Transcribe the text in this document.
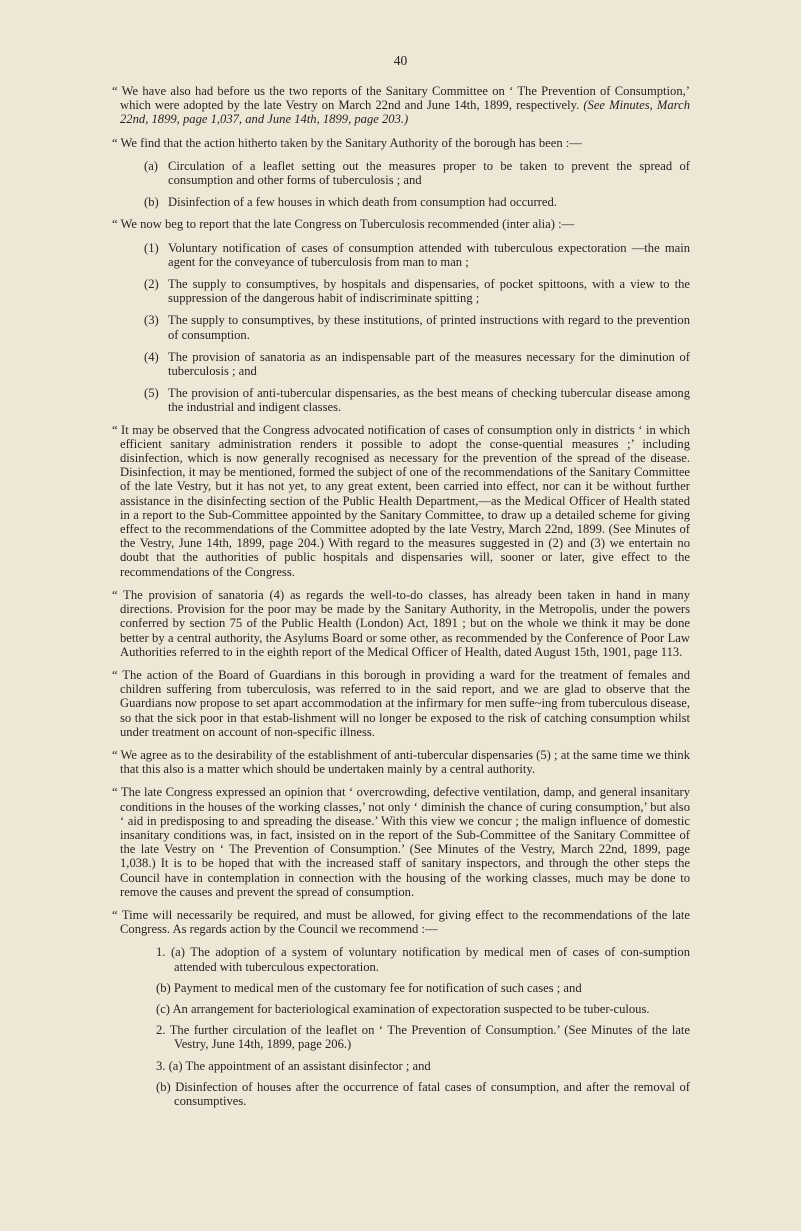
40

“ We have also had before us the two reports of the Sanitary Committee on ‘ The Prevention of Consumption,’ which were adopted by the late Vestry on March 22nd and June 14th, 1899, respectively. (See Minutes, March 22nd, 1899, page 1,037, and June 14th, 1899, page 203.)

“ We find that the action hitherto taken by the Sanitary Authority of the borough has been :—

(a) Circulation of a leaflet setting out the measures proper to be taken to prevent the spread of consumption and other forms of tuberculosis ; and
(b) Disinfection of a few houses in which death from consumption had occurred.

“ We now beg to report that the late Congress on Tuberculosis recommended (inter alia) :—

(1) Voluntary notification of cases of consumption attended with tuberculous expectoration —the main agent for the conveyance of tuberculosis from man to man ;
(2) The supply to consumptives, by hospitals and dispensaries, of pocket spittoons, with a view to the suppression of the dangerous habit of indiscriminate spitting ;
(3) The supply to consumptives, by these institutions, of printed instructions with regard to the prevention of consumption.
(4) The provision of sanatoria as an indispensable part of the measures necessary for the diminution of tuberculosis ; and
(5) The provision of anti-tubercular dispensaries, as the best means of checking tubercular disease among the industrial and indigent classes.

“ It may be observed that the Congress advocated notification of cases of consumption only in districts ‘ in which efficient sanitary administration renders it possible to adopt the conse-quential measures ;’ including disinfection, which is now generally recognised as necessary for the prevention of the spread of the disease. Disinfection, it may be mentioned, formed the subject of one of the recommendations of the Sanitary Committee of the late Vestry, but it has not yet, to any great extent, been carried into effect, nor can it be without further assistance in the disinfecting section of the Public Health Department,—as the Medical Officer of Health stated in a report to the Sub-Committee appointed by the Sanitary Committee, to draw up a detailed scheme for giving effect to the recommendations of the Committee adopted by the late Vestry, March 22nd, 1899. (See Minutes of the Vestry, June 14th, 1899, page 204.) With regard to the measures suggested in (2) and (3) we entertain no doubt that the authorities of public hospitals and dispensaries will, sooner or later, give effect to the recommendations of the Congress.

“ The provision of sanatoria (4) as regards the well-to-do classes, has already been taken in hand in many directions. Provision for the poor may be made by the Sanitary Authority, in the Metropolis, under the powers conferred by section 75 of the Public Health (London) Act, 1891 ; but on the whole we think it may be done better by a central authority, the Asylums Board or some other, as recommended by the Conference of Poor Law Authorities referred to in the eighth report of the Medical Officer of Health, dated August 15th, 1901, page 113.

“ The action of the Board of Guardians in this borough in providing a ward for the treatment of females and children suffering from tuberculosis, was referred to in the said report, and we are glad to observe that the Guardians now propose to set apart accommodation at the infirmary for men suffe~ing from tuberculous disease, so that the sick poor in that estab-lishment will no longer be exposed to the risk of catching consumption whilst under treatment on account of non-specific illness.

“ We agree as to the desirability of the establishment of anti-tubercular dispensaries (5) ; at the same time we think that this also is a matter which should be undertaken mainly by a central authority.

“ The late Congress expressed an opinion that ‘ overcrowding, defective ventilation, damp, and general insanitary conditions in the houses of the working classes,’ not only ‘ diminish the chance of curing consumption,’ but also ‘ aid in predisposing to and spreading the disease.’ With this view we concur ; the malign influence of domestic insanitary conditions was, in fact, insisted on in the report of the Sub-Committee of the Sanitary Committee of the late Vestry on ‘ The Prevention of Consumption.’ (See Minutes of the Vestry, March 22nd, 1899, page 1,038.) It is to be hoped that with the increased staff of sanitary inspectors, and through the other steps the Council have in contemplation in connection with the housing of the working classes, much may be done to remove the causes and prevent the spread of consumption.

“ Time will necessarily be required, and must be allowed, for giving effect to the recommendations of the late Congress. As regards action by the Council we recommend :—

1. (a) The adoption of a system of voluntary notification by medical men of cases of con-sumption attended with tuberculous expectoration.
(b) Payment to medical men of the customary fee for notification of such cases ; and
(c) An arrangement for bacteriological examination of expectoration suspected to be tuber-culous.
2. The further circulation of the leaflet on ‘ The Prevention of Consumption.’ (See Minutes of the late Vestry, June 14th, 1899, page 206.)
3. (a) The appointment of an assistant disinfector ; and
(b) Disinfection of houses after the occurrence of fatal cases of consumption, and after the removal of consumptives.
